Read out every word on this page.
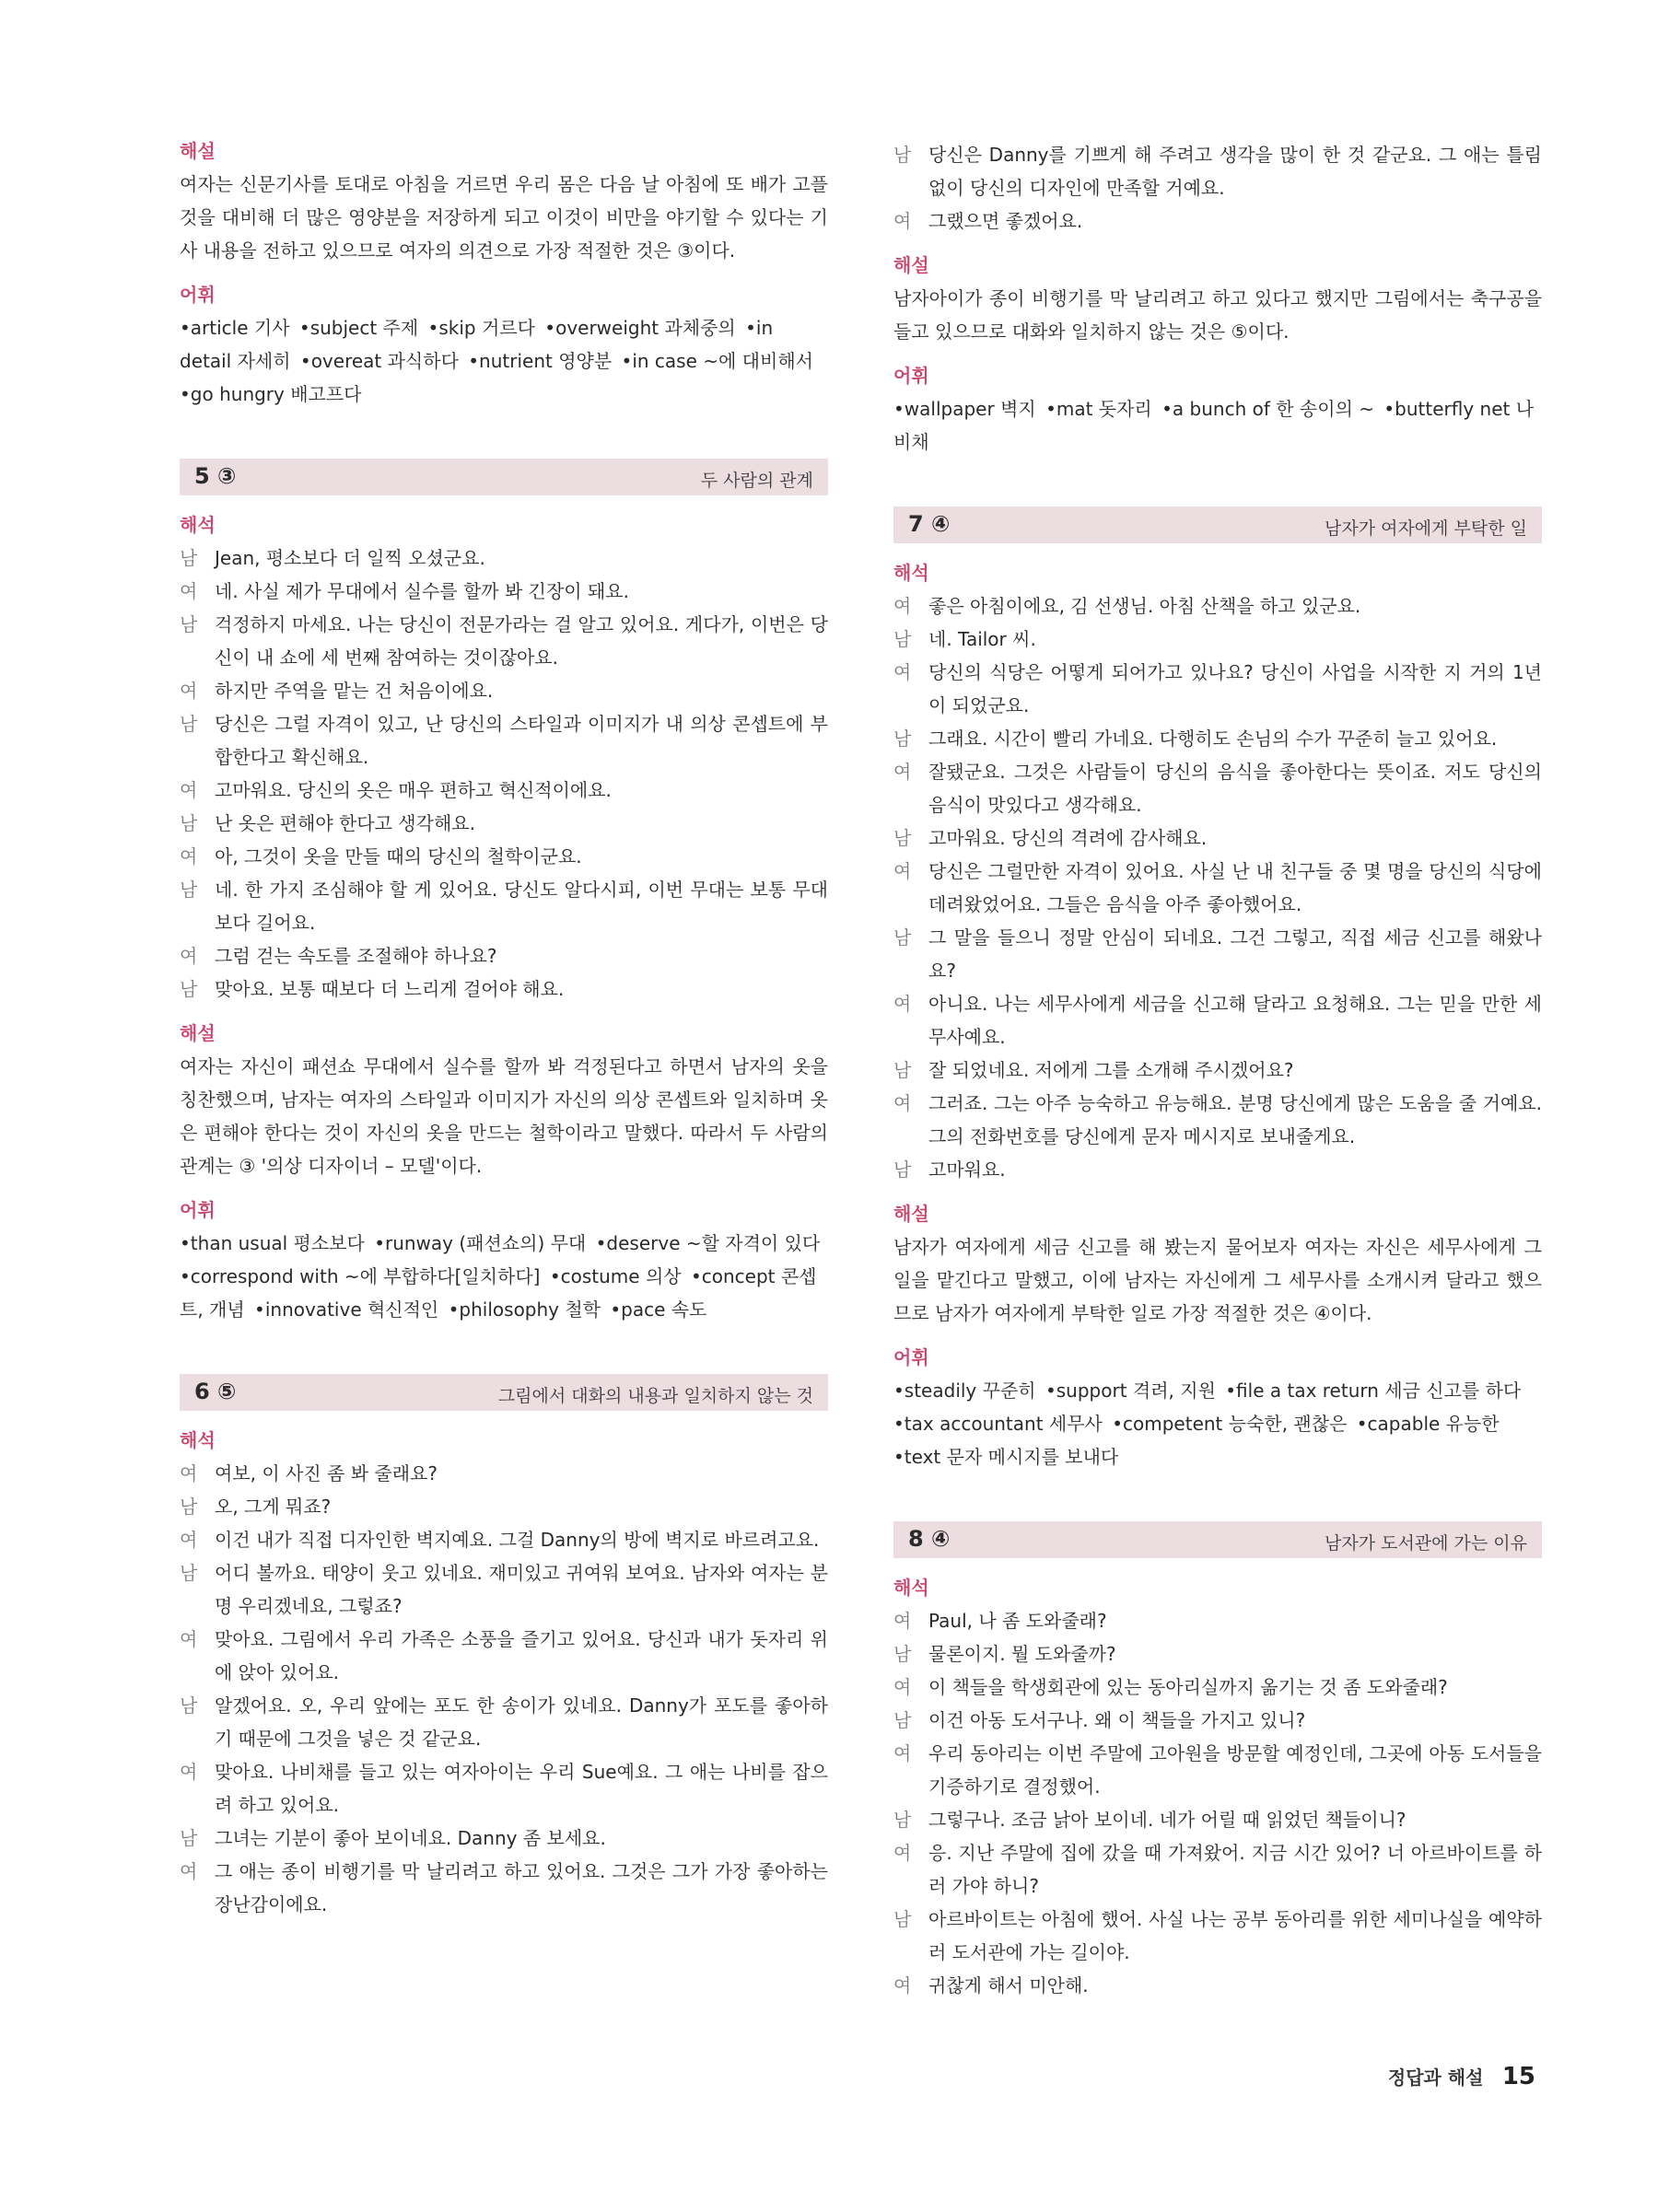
해설
여자는 신문기사를 토대로 아침을 거르면 우리 몸은 다음 날 아침에 또 배가 고플 것을 대비해 더 많은 영양분을 저장하게 되고 이것이 비만을 야기할 수 있다는 기사 내용을 전하고 있으므로 여자의 의견으로 가장 적절한 것은 ③이다.
어휘
•article 기사 •subject 주제 •skip 거르다 •overweight 과체중의 •in detail 자세히 •overeat 과식하다 •nutrient 영양분 •in case ~에 대비해서 •go hungry 배고프다
5 ③	두 사람의 관계
해석
남 Jean, 평소보다 더 일찍 오셨군요.
여 네. 사실 제가 무대에서 실수를 할까 봐 긴장이 돼요.
남 걱정하지 마세요. 나는 당신이 전문가라는 걸 알고 있어요. 게다가, 이번은 당신이 내 쇼에 세 번째 참여하는 것이잖아요.
여 하지만 주역을 맡는 건 처음이에요.
남 당신은 그럴 자격이 있고, 난 당신의 스타일과 이미지가 내 의상 콘셉트에 부합한다고 확신해요.
여 고마워요. 당신의 옷은 매우 편하고 혁신적이에요.
남 난 옷은 편해야 한다고 생각해요.
여 아, 그것이 옷을 만들 때의 당신의 철학이군요.
남 네. 한 가지 조심해야 할 게 있어요. 당신도 알다시피, 이번 무대는 보통 무대보다 길어요.
여 그럼 걷는 속도를 조절해야 하나요?
남 맞아요. 보통 때보다 더 느리게 걸어야 해요.
해설
여자는 자신이 패션쇼 무대에서 실수를 할까 봐 걱정된다고 하면서 남자의 옷을 칭찬했으며, 남자는 여자의 스타일과 이미지가 자신의 의상 콘셉트와 일치하며 옷은 편해야 한다는 것이 자신의 옷을 만드는 철학이라고 말했다. 따라서 두 사람의 관계는 ③ '의상 디자이너 – 모델'이다.
어휘
•than usual 평소보다 •runway (패션쇼의) 무대 •deserve ~할 자격이 있다 •correspond with ~에 부합하다[일치하다] •costume 의상 •concept 콘셉트, 개념 •innovative 혁신적인 •philosophy 철학 •pace 속도
6 ⑤	그림에서 대화의 내용과 일치하지 않는 것
해석
여 여보, 이 사진 좀 봐 줄래요?
남 오, 그게 뭐죠?
여 이건 내가 직접 디자인한 벽지예요. 그걸 Danny의 방에 벽지로 바르려고요.
남 어디 볼까요. 태양이 웃고 있네요. 재미있고 귀여워 보여요. 남자와 여자는 분명 우리겠네요, 그렇죠?
여 맞아요. 그림에서 우리 가족은 소풍을 즐기고 있어요. 당신과 내가 돗자리 위에 앉아 있어요.
남 알겠어요. 오, 우리 앞에는 포도 한 송이가 있네요. Danny가 포도를 좋아하기 때문에 그것을 넣은 것 같군요.
여 맞아요. 나비채를 들고 있는 여자아이는 우리 Sue예요. 그 애는 나비를 잡으려 하고 있어요.
남 그녀는 기분이 좋아 보이네요. Danny 좀 보세요.
여 그 애는 종이 비행기를 막 날리려고 하고 있어요. 그것은 그가 가장 좋아하는 장난감이에요.
남 당신은 Danny를 기쁘게 해 주려고 생각을 많이 한 것 같군요. 그 애는 틀림없이 당신의 디자인에 만족할 거예요.
여 그랬으면 좋겠어요.
해설
남자아이가 종이 비행기를 막 날리려고 하고 있다고 했지만 그림에서는 축구공을 들고 있으므로 대화와 일치하지 않는 것은 ⑤이다.
어휘
•wallpaper 벽지 •mat 돗자리 •a bunch of 한 송이의 ~ •butterfly net 나비채
7 ④	남자가 여자에게 부탁한 일
해석
여 좋은 아침이에요, 김 선생님. 아침 산책을 하고 있군요.
남 네. Tailor 씨.
여 당신의 식당은 어떻게 되어가고 있나요? 당신이 사업을 시작한 지 거의 1년이 되었군요.
남 그래요. 시간이 빨리 가네요. 다행히도 손님의 수가 꾸준히 늘고 있어요.
여 잘됐군요. 그것은 사람들이 당신의 음식을 좋아한다는 뜻이죠. 저도 당신의 음식이 맛있다고 생각해요.
남 고마워요. 당신의 격려에 감사해요.
여 당신은 그럴만한 자격이 있어요. 사실 난 내 친구들 중 몇 명을 당신의 식당에 데려왔었어요. 그들은 음식을 아주 좋아했어요.
남 그 말을 들으니 정말 안심이 되네요. 그건 그렇고, 직접 세금 신고를 해왔나요?
여 아니요. 나는 세무사에게 세금을 신고해 달라고 요청해요. 그는 믿을 만한 세무사예요.
남 잘 되었네요. 저에게 그를 소개해 주시겠어요?
여 그러죠. 그는 아주 능숙하고 유능해요. 분명 당신에게 많은 도움을 줄 거예요. 그의 전화번호를 당신에게 문자 메시지로 보내줄게요.
남 고마워요.
해설
남자가 여자에게 세금 신고를 해 봤는지 물어보자 여자는 자신은 세무사에게 그 일을 맡긴다고 말했고, 이에 남자는 자신에게 그 세무사를 소개시켜 달라고 했으므로 남자가 여자에게 부탁한 일로 가장 적절한 것은 ④이다.
어휘
•steadily 꾸준히 •support 격려, 지원 •file a tax return 세금 신고를 하다 •tax accountant 세무사 •competent 능숙한, 괜찮은 •capable 유능한 •text 문자 메시지를 보내다
8 ④	남자가 도서관에 가는 이유
해석
여 Paul, 나 좀 도와줄래?
남 물론이지. 뭘 도와줄까?
여 이 책들을 학생회관에 있는 동아리실까지 옮기는 것 좀 도와줄래?
남 이건 아동 도서구나. 왜 이 책들을 가지고 있니?
여 우리 동아리는 이번 주말에 고아원을 방문할 예정인데, 그곳에 아동 도서들을 기증하기로 결정했어.
남 그렇구나. 조금 낡아 보이네. 네가 어릴 때 읽었던 책들이니?
여 응. 지난 주말에 집에 갔을 때 가져왔어. 지금 시간 있어? 너 아르바이트를 하러 가야 하니?
남 아르바이트는 아침에 했어. 사실 나는 공부 동아리를 위한 세미나실을 예약하러 도서관에 가는 길이야.
여 귀찮게 해서 미안해.
정답과 해설 15
